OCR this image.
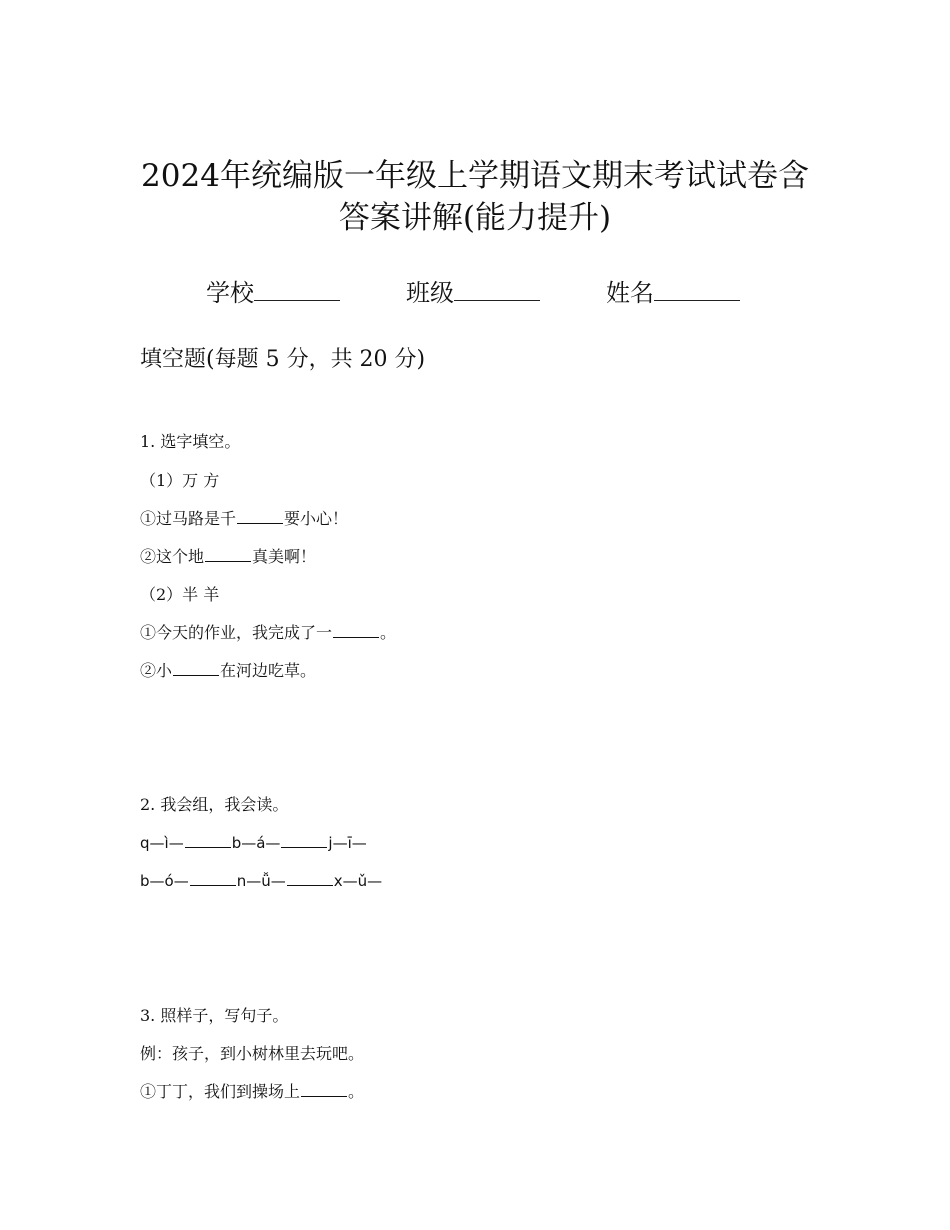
2024年统编版一年级上学期语文期末考试试卷含
答案讲解(能力提升)
学校	班级	姓名
填空题(每题 5 分，共 20 分)
1. 选字填空。
（1）万 方
①过马路是千	要小心！
②这个地	真美啊！
（2）半 羊
①今天的作业，我完成了一	。
②小	在河边吃草。
2. 我会组，我会读。
q—ì—	b—á—	j—ī—
b—ó—	n—ǚ—	x—ǔ—
3. 照样子，写句子。
例：孩子，到小树林里去玩吧。
①丁丁，我们到操场上	。
